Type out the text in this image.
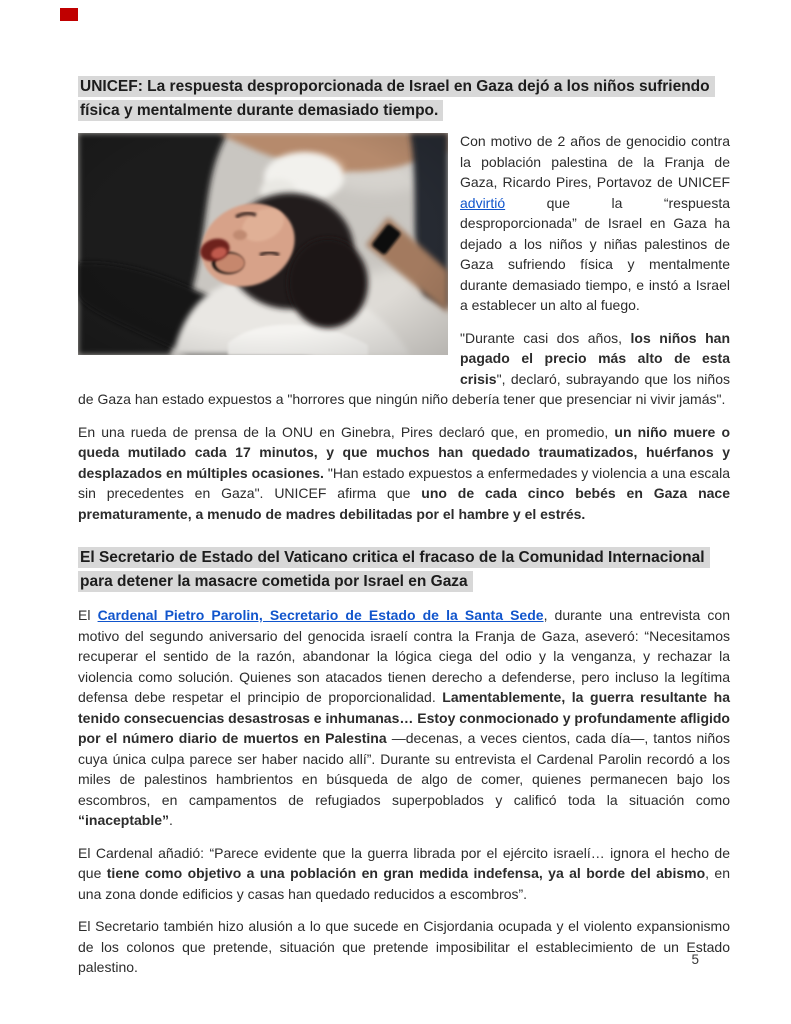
UNICEF: La respuesta desproporcionada de Israel en Gaza dejó a los niños sufriendo física y mentalmente durante demasiado tiempo.

Con motivo de 2 años de genocidio contra la población palestina de la Franja de Gaza, Ricardo Pires, Portavoz de UNICEF advirtió que la “respuesta desproporcionada” de Israel en Gaza ha dejado a los niños y niñas palestinos de Gaza sufriendo física y mentalmente durante demasiado tiempo, e instó a Israel a establecer un alto al fuego.

"Durante casi dos años, los niños han pagado el precio más alto de esta crisis", declaró, subrayando que los niños de Gaza han estado expuestos a "horrores que ningún niño debería tener que presenciar ni vivir jamás".

En una rueda de prensa de la ONU en Ginebra, Pires declaró que, en promedio, un niño muere o queda mutilado cada 17 minutos, y que muchos han quedado traumatizados, huérfanos y desplazados en múltiples ocasiones. "Han estado expuestos a enfermedades y violencia a una escala sin precedentes en Gaza". UNICEF afirma que uno de cada cinco bebés en Gaza nace prematuramente, a menudo de madres debilitadas por el hambre y el estrés.

El Secretario de Estado del Vaticano critica el fracaso de la Comunidad Internacional para detener la masacre cometida por Israel en Gaza

El Cardenal Pietro Parolin, Secretario de Estado de la Santa Sede, durante una entrevista con motivo del segundo aniversario del genocida israelí contra la Franja de Gaza, aseveró: “Necesitamos recuperar el sentido de la razón, abandonar la lógica ciega del odio y la venganza, y rechazar la violencia como solución. Quienes son atacados tienen derecho a defenderse, pero incluso la legítima defensa debe respetar el principio de proporcionalidad. Lamentablemente, la guerra resultante ha tenido consecuencias desastrosas e inhumanas… Estoy conmocionado y profundamente afligido por el número diario de muertos en Palestina —decenas, a veces cientos, cada día—, tantos niños cuya única culpa parece ser haber nacido allí”. Durante su entrevista el Cardenal Parolin recordó a los miles de palestinos hambrientos en búsqueda de algo de comer, quienes permanecen bajo los escombros, en campamentos de refugiados superpoblados y calificó toda la situación como “inaceptable”.

El Cardenal añadió: “Parece evidente que la guerra librada por el ejército israelí… ignora el hecho de que tiene como objetivo a una población en gran medida indefensa, ya al borde del abismo, en una zona donde edificios y casas han quedado reducidos a escombros”.

El Secretario también hizo alusión a lo que sucede en Cisjordania ocupada y el violento expansionismo de los colonos que pretende, situación que pretende imposibilitar el establecimiento de un Estado palestino.	5
